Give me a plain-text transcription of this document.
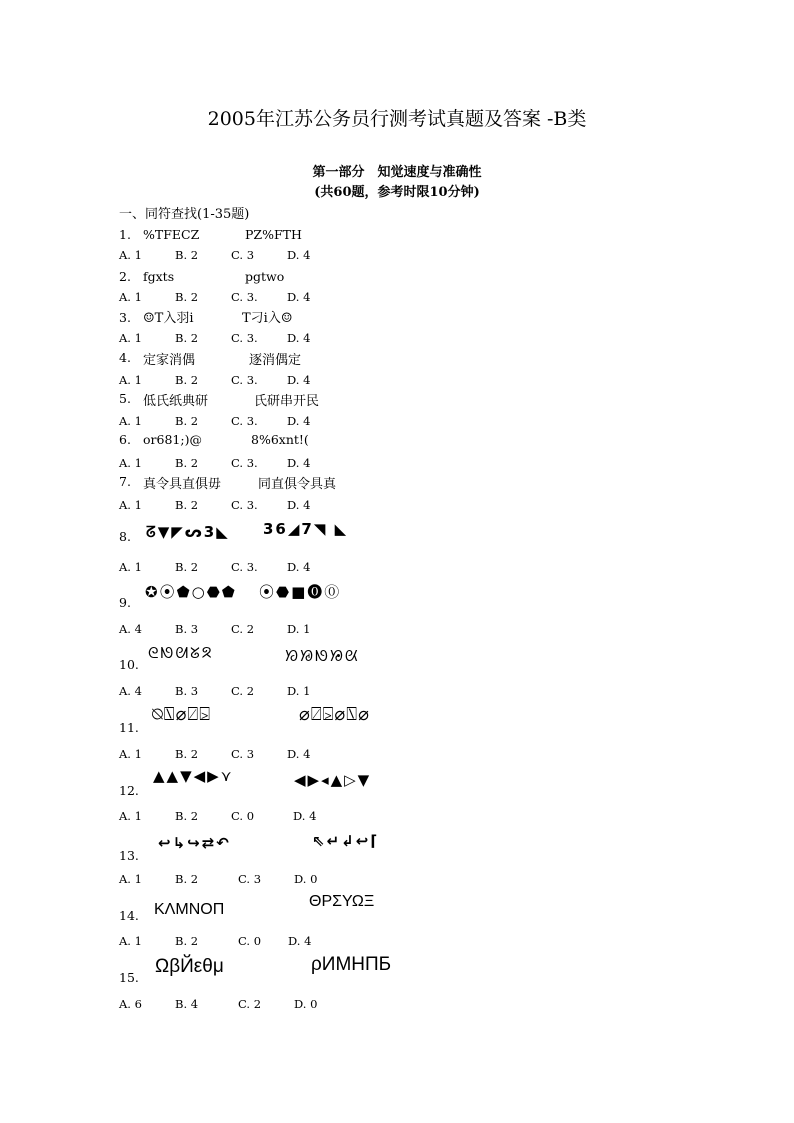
2005年江苏公务员行测考试真题及答案 -B类
第一部分　知觉速度与准确性
(共60题，参考时限10分钟)
一、同符查找(1-35题)
1. %TFECZ	PZ%FTH
A. 1	B. 2	C. 3	D. 4
2. fgxts	pgtwo
A. 1	B. 2	C. 3.	D. 4
3. ☺T入羽i	T刁i入☺
A. 1	B. 2	C. 3.	D. 4
4. 定家消偶	逐消偶定
A. 1	B. 2	C. 3.	D. 4
5. 低氏纸典研	氏研串开民
A. 1	B. 2	C. 3.	D. 4
6. or681;)@	8%6xnt!(
A. 1	B. 2	C. 3.	D. 4
7. 真令具直俱毋	同直俱令具真
A. 1	B. 2	C. 3.	D. 4
8. ᘔ▼◤ᔕ3◣ 36◢7◥ ◣
A. 1	B. 2	C. 3.	D. 4
9.
✪⦿⬟○⬣⬟ ⦿⬣■⓿⓪
A. 4	B. 3	C. 2	D. 1
10.
ᘓᘚᘛᘜᘝ	ᘞᘟᘚᘠᘡ
A. 4	B. 3	C. 2	D. 1
11.
⍉⍂⌀⍁⍄	⌀⍁⍄⌀⍂⌀
A. 1	B. 2	C. 3	D. 4
12.
▲▲▼◀▶⋎	◀▶◂▲▷▼
A. 1	B. 2	C. 0	D. 4
13.
↩↳↪⇄↶	⇖↵↲↩⌈
A. 1	B. 2	C. 3	D. 0
14. ΚΛΜΝΟΠ	ΘΡΣΥΩΞ
A. 1	B. 2	C. 0 D. 4
15.
ΩβЙεθμ	ρИМНПБ
A. 6	B. 4	C. 2	D. 0
